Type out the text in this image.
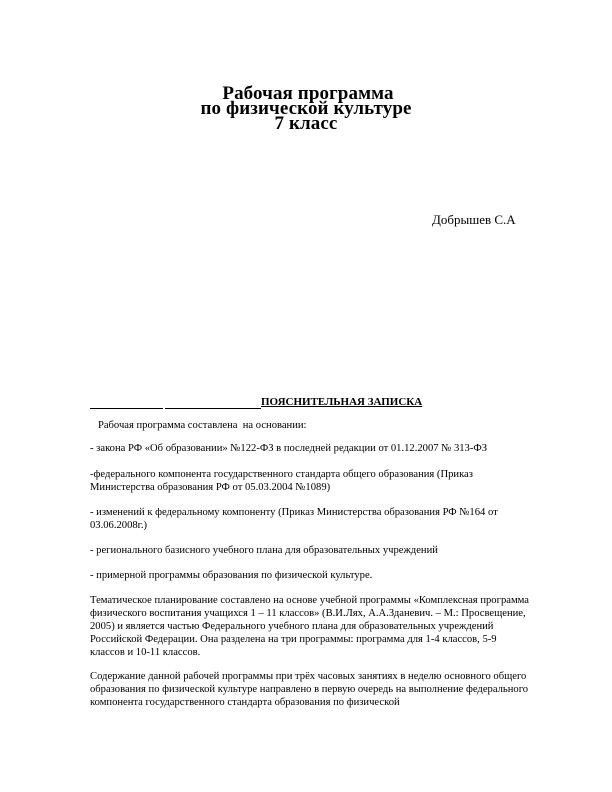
Рабочая программа
по физической культуре
7 класс
Добрышев С.А
ПОЯСНИТЕЛЬНАЯ ЗАПИСКА

Рабочая программа составлена  на основании:

- закона РФ «Об образовании» №122-ФЗ в последней редакции от 01.12.2007 № 313-ФЗ

-федерального компонента государственного стандарта общего образования (Приказ Министерства образования РФ от 05.03.2004 №1089)

- изменений к федеральному компоненту (Приказ Министерства образования РФ №164 от 03.06.2008г.)

- регионального базисного учебного плана для образовательных учреждений

- примерной программы образования по физической культуре.

Тематическое планирование составлено на основе учебной программы «Комплексная программа физического воспитания учащихся 1 – 11 классов» (В.И.Лях, А.А.Зданевич. – М.: Просвещение, 2005) и является частью Федерального учебного плана для образовательных учреждений Российской Федерации. Она разделена на три программы: программа для 1-4 классов, 5-9 классов и 10-11 классов.

Содержание данной рабочей программы при трёх часовых занятиях в неделю основного общего образования по физической культуре направлено в первую очередь на выполнение федерального компонента государственного стандарта образования по физической
